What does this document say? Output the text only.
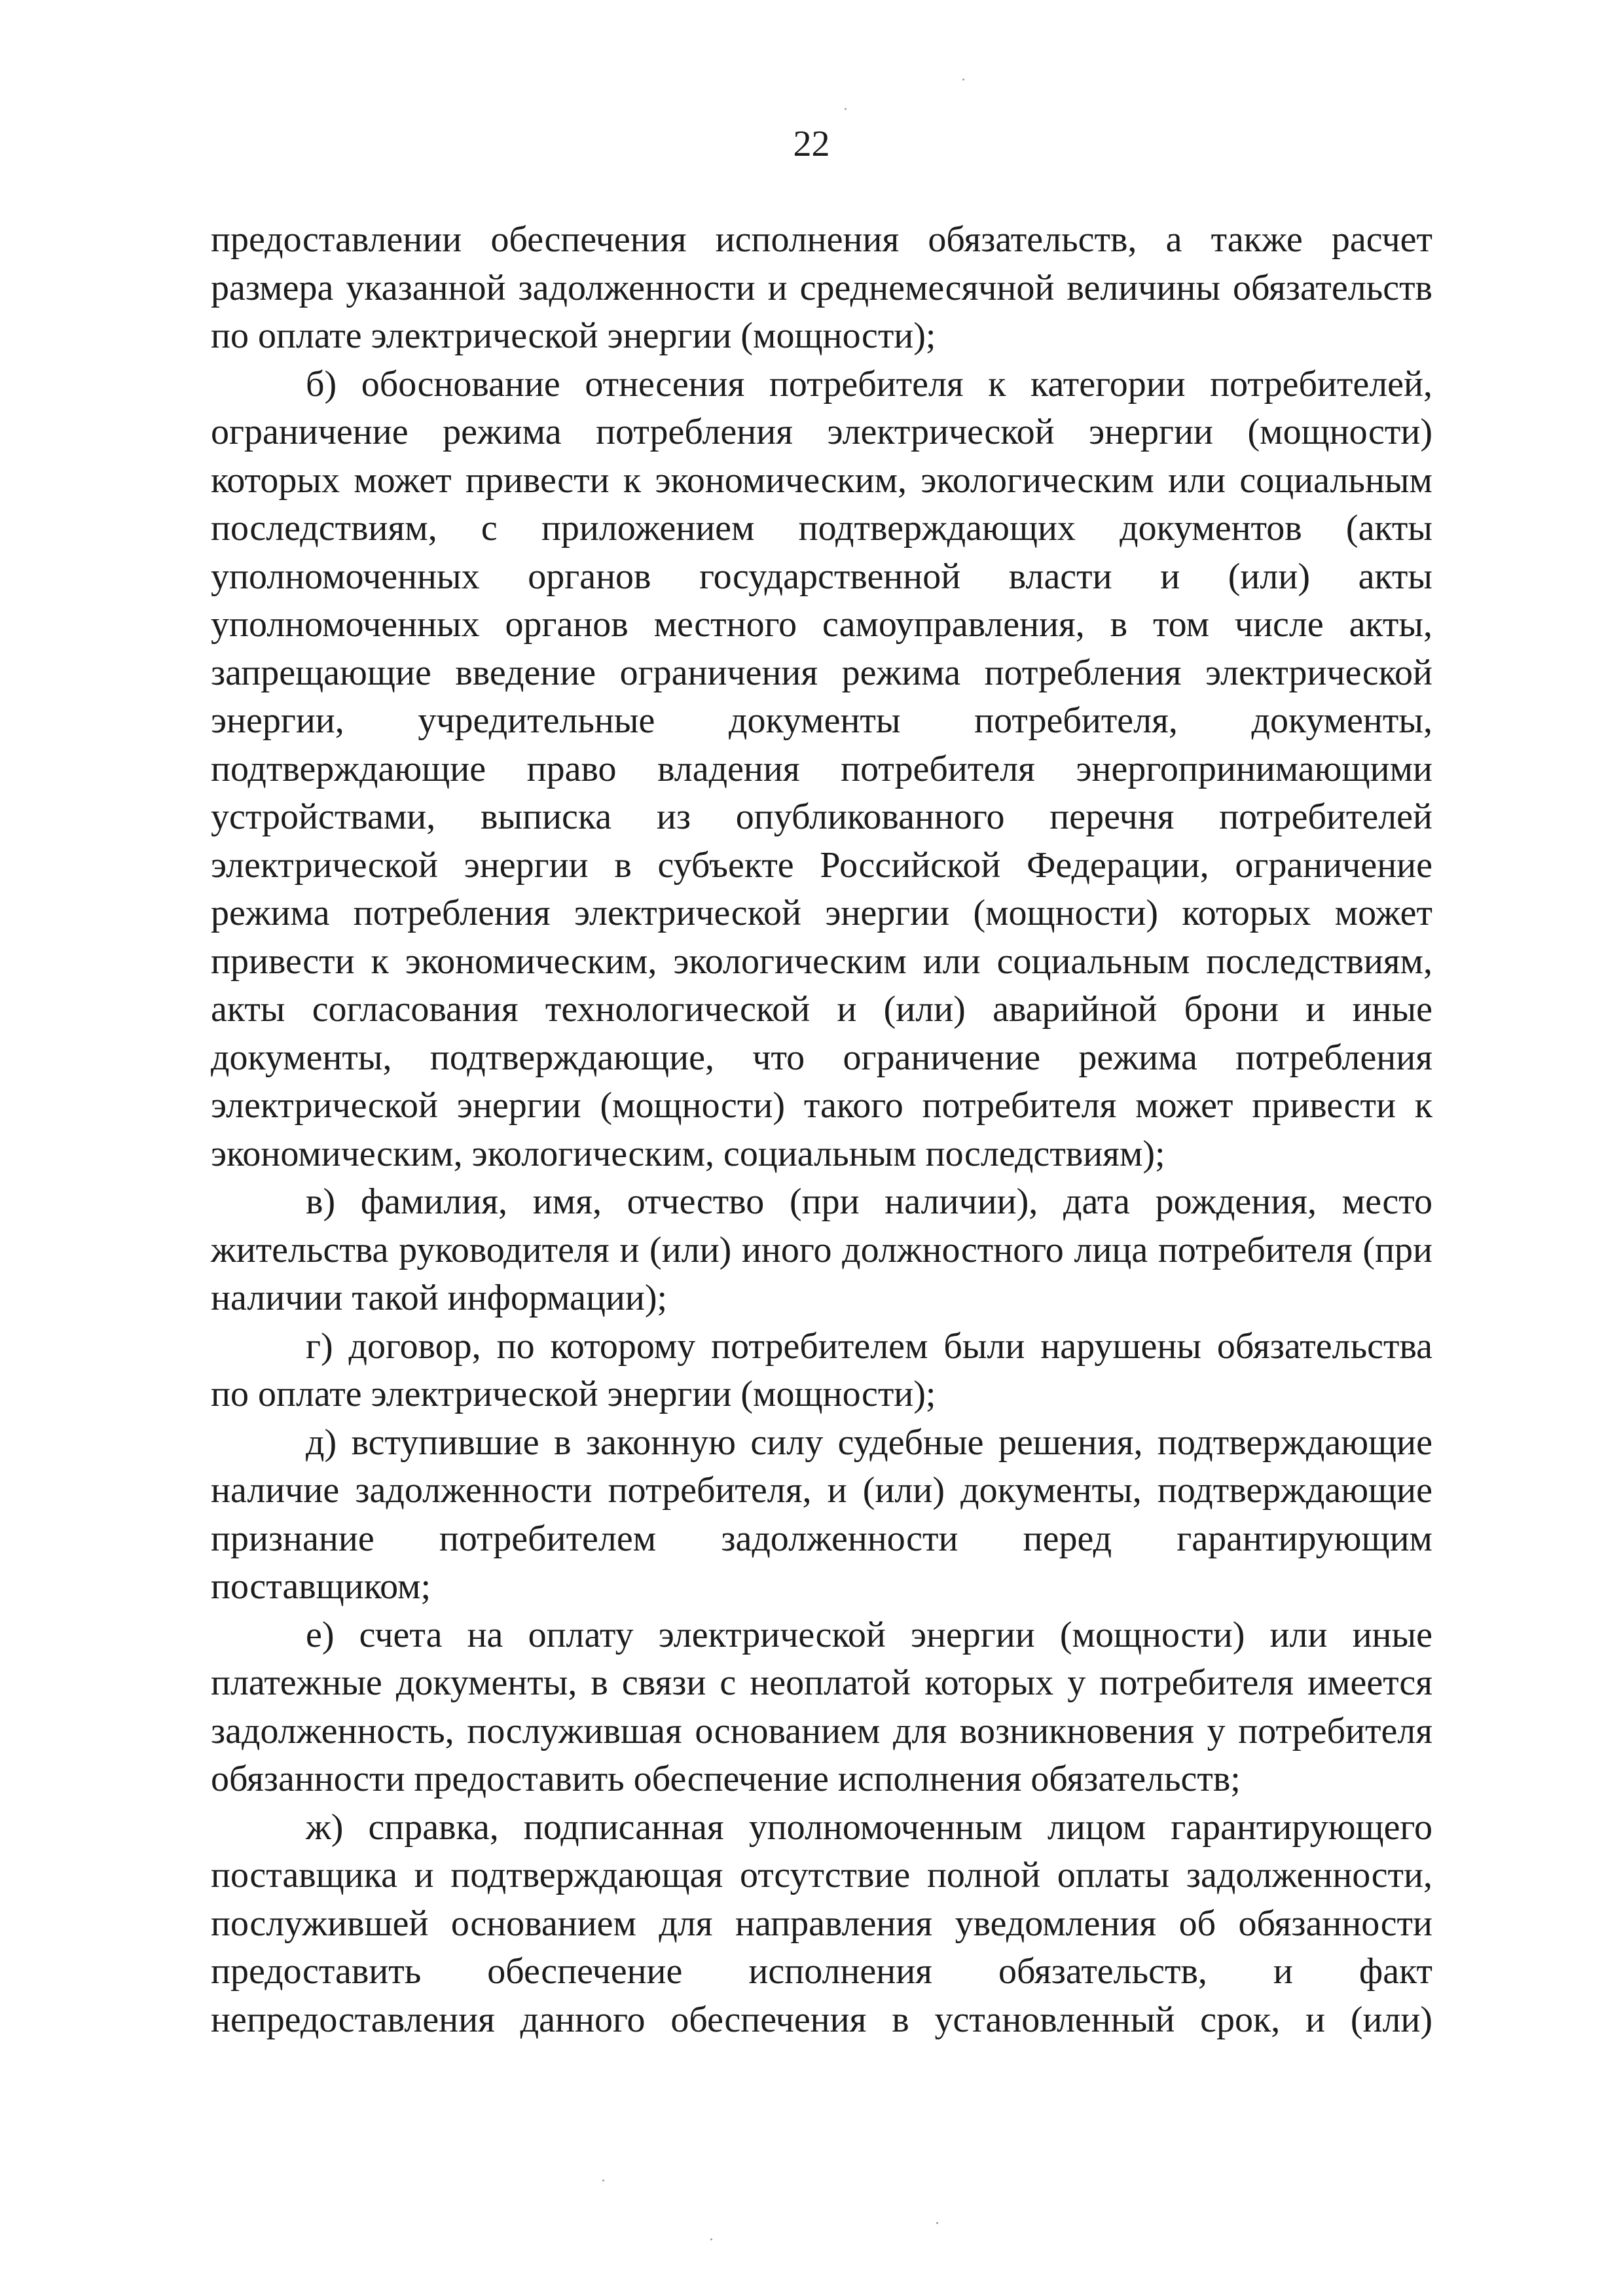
22

предоставлении обеспечения исполнения обязательств, а также расчет размера указанной задолженности и среднемесячной величины обязательств по оплате электрической энергии (мощности);

б) обоснование отнесения потребителя к категории потребителей, ограничение режима потребления электрической энергии (мощности) которых может привести к экономическим, экологическим или социальным последствиям, с приложением подтверждающих документов (акты уполномоченных органов государственной власти и (или) акты уполномоченных органов местного самоуправления, в том числе акты, запрещающие введение ограничения режима потребления электрической энергии, учредительные документы потребителя, документы, подтверждающие право владения потребителя энергопринимающими устройствами, выписка из опубликованного перечня потребителей электрической энергии в субъекте Российской Федерации, ограничение режима потребления электрической энергии (мощности) которых может привести к экономическим, экологическим или социальным последствиям, акты согласования технологической и (или) аварийной брони и иные документы, подтверждающие, что ограничение режима потребления электрической энергии (мощности) такого потребителя может привести к экономическим, экологическим, социальным последствиям);

в) фамилия, имя, отчество (при наличии), дата рождения, место жительства руководителя и (или) иного должностного лица потребителя (при наличии такой информации);

г) договор, по которому потребителем были нарушены обязательства по оплате электрической энергии (мощности);

д) вступившие в законную силу судебные решения, подтверждающие наличие задолженности потребителя, и (или) документы, подтверждающие признание потребителем задолженности перед гарантирующим поставщиком;

е) счета на оплату электрической энергии (мощности) или иные платежные документы, в связи с неоплатой которых у потребителя имеется задолженность, послужившая основанием для возникновения у потребителя обязанности предоставить обеспечение исполнения обязательств;

ж) справка, подписанная уполномоченным лицом гарантирующего поставщика и подтверждающая отсутствие полной оплаты задолженности, послужившей основанием для направления уведомления об обязанности предоставить обеспечение исполнения обязательств, и факт непредоставления данного обеспечения в установленный срок, и (или)
